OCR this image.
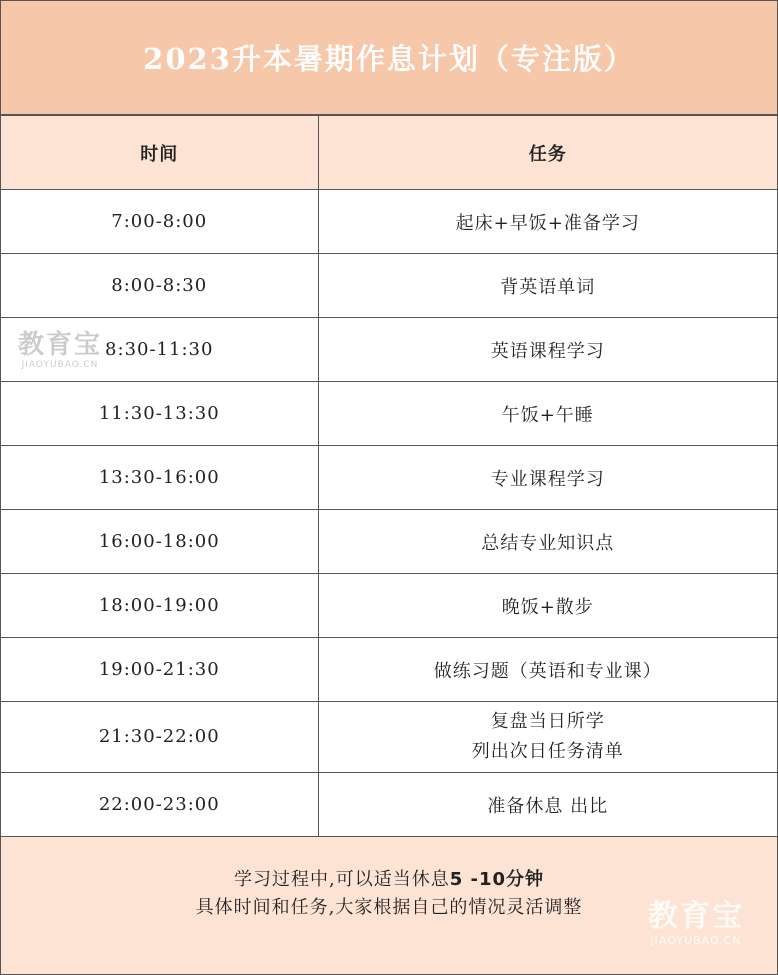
2023升本暑期作息计划（专注版）
时间	任务
7:00-8:00	起床+早饭+准备学习

8:00-8:30	背英语单词

8:30-11:30	英语课程学习

11:30-13:30	午饭+午睡

13:30-16:00	专业课程学习

16:00-18:00	总结专业知识点

18:00-19:00	晚饭+散步

19:00-21:30	做练习题（英语和专业课）

21:30-22:00	复盘当日所学
列出次日任务清单

22:00-23:00	准备休息 出比
学习过程中,可以适当休息5 -10分钟
具体时间和任务,大家根据自己的情况灵活调整
教育宝
JIAOYUBAO.CN
教育宝
JIAOYUBAO.CN
